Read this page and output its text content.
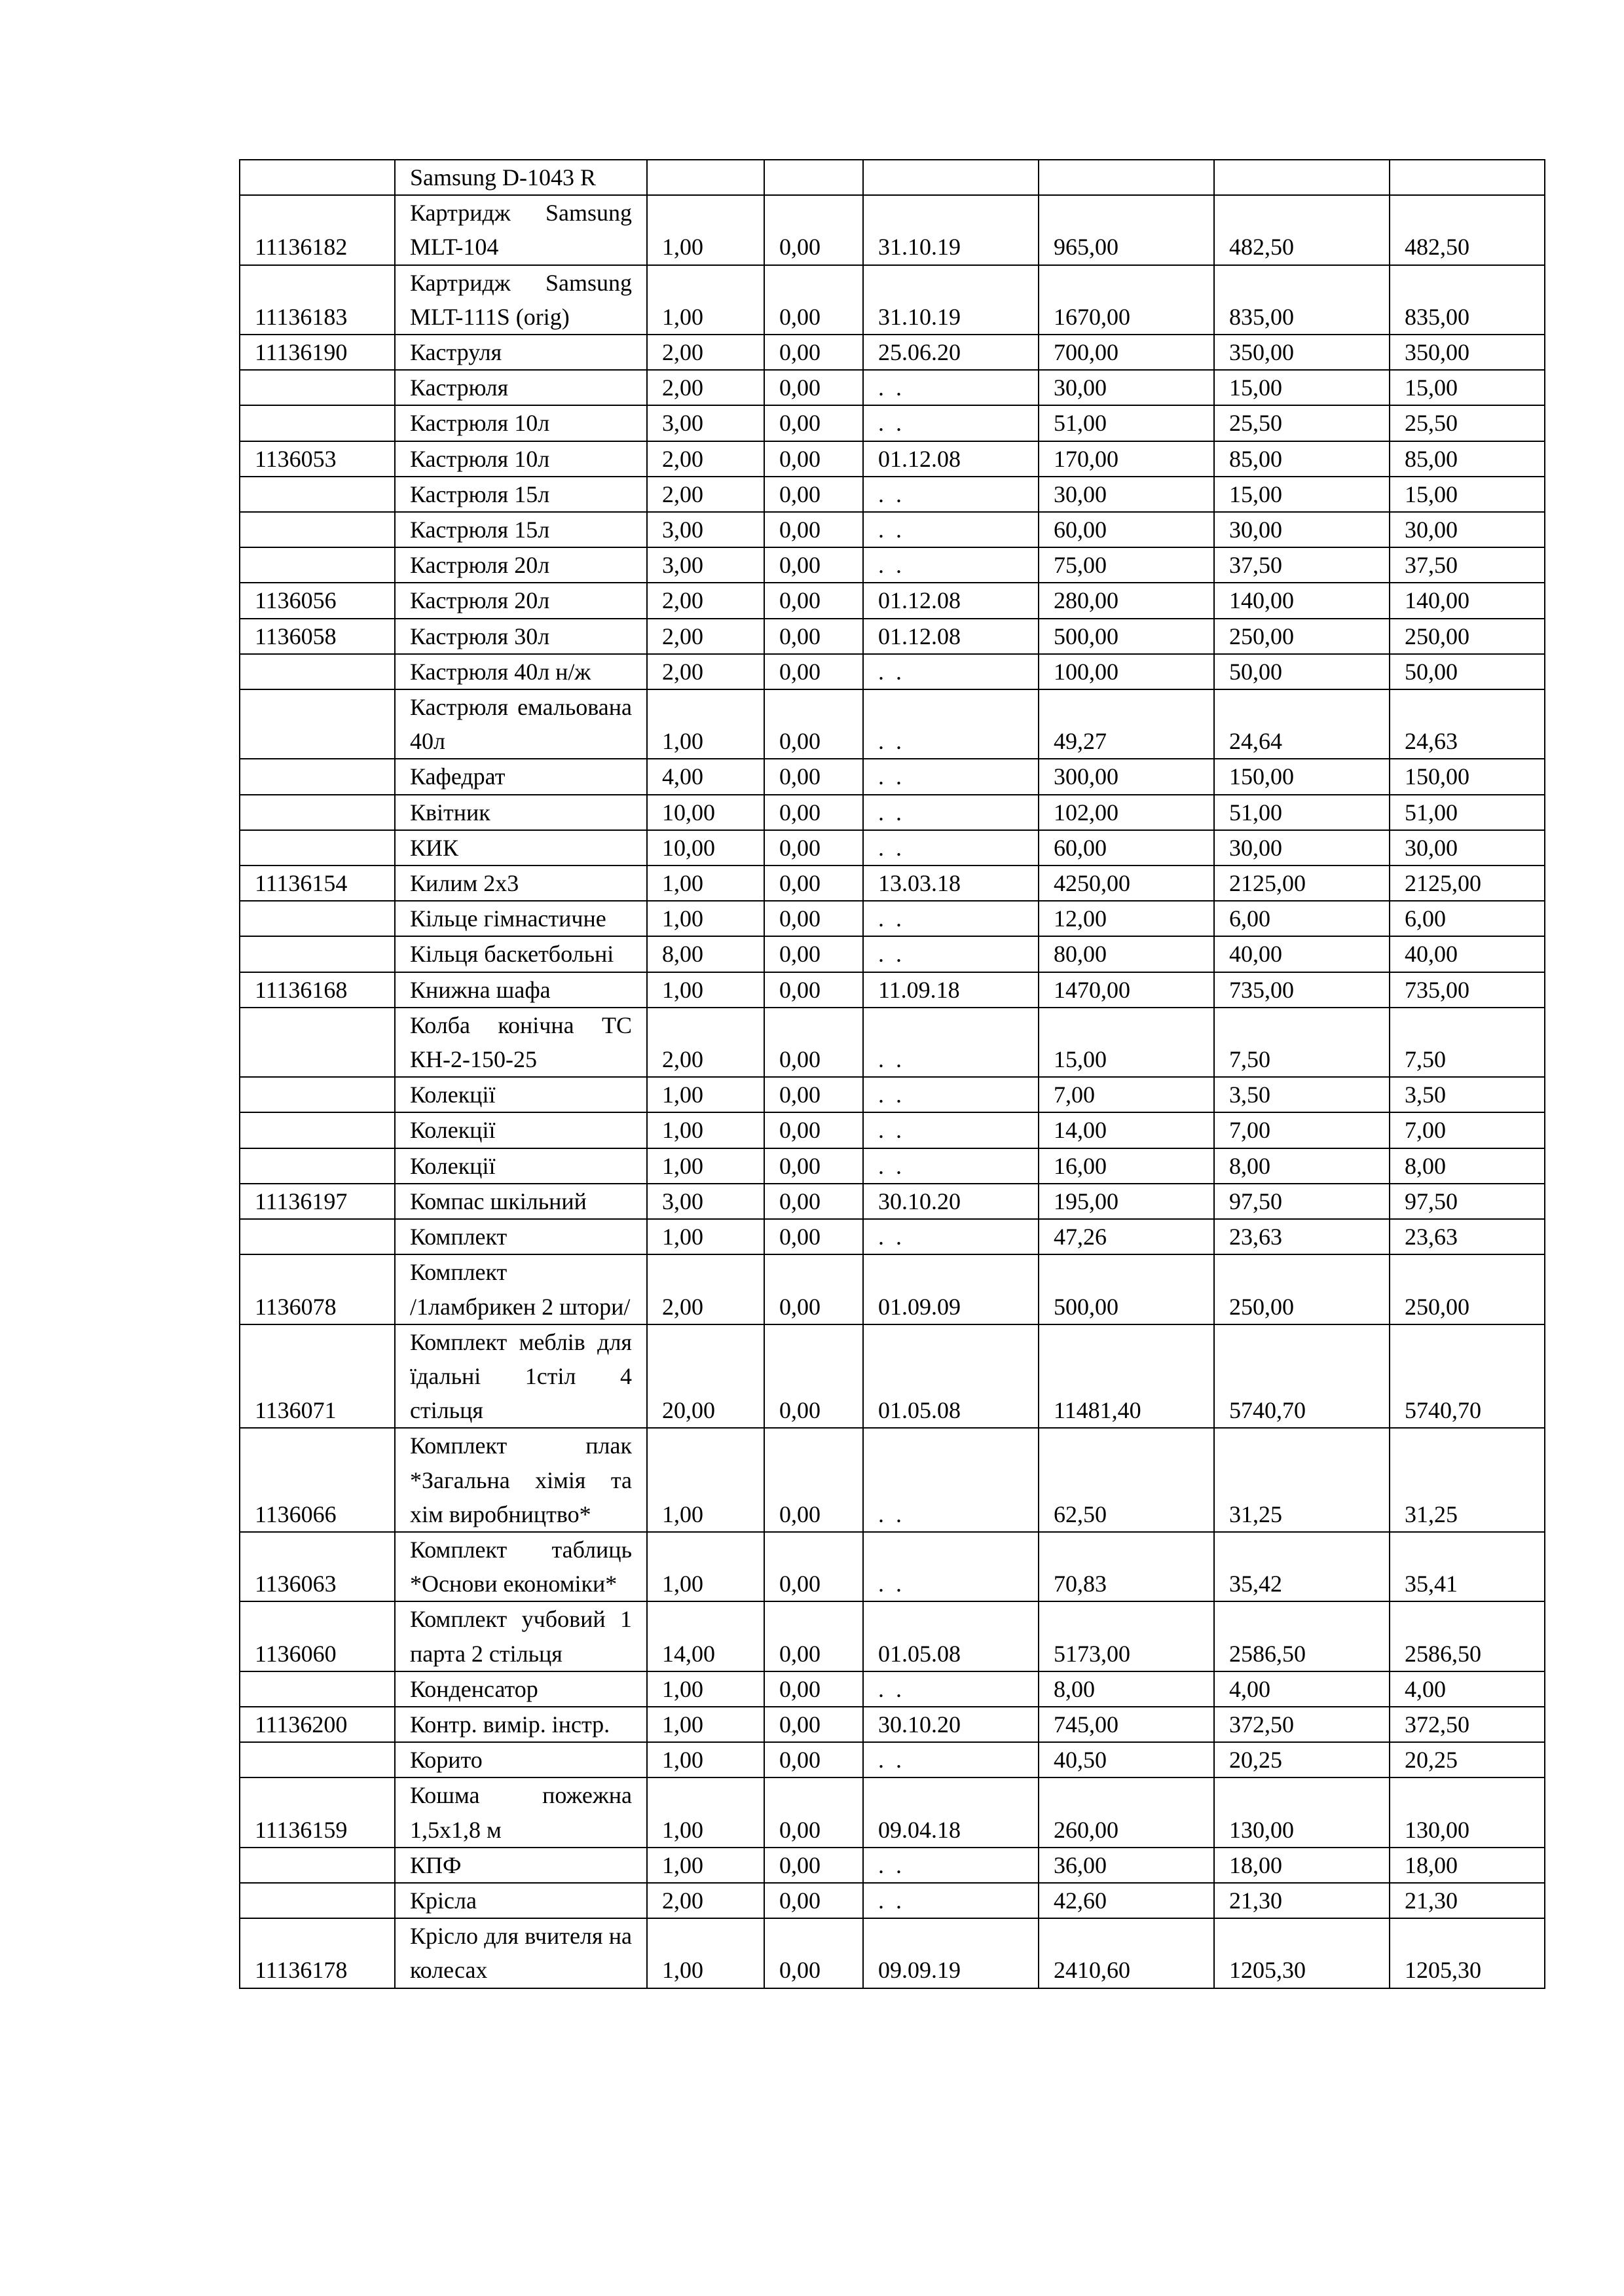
	Samsung D-1043 R						
11136182	Картридж Samsung MLT-104	1,00	0,00	31.10.19	965,00	482,50	482,50
11136183	Картридж Samsung MLT-111S (orig)	1,00	0,00	31.10.19	1670,00	835,00	835,00
11136190	Каструля	2,00	0,00	25.06.20	700,00	350,00	350,00
	Кастрюля	2,00	0,00	.  .	30,00	15,00	15,00
	Кастрюля 10л	3,00	0,00	.  .	51,00	25,50	25,50
1136053	Кастрюля 10л	2,00	0,00	01.12.08	170,00	85,00	85,00
	Кастрюля 15л	2,00	0,00	.  .	30,00	15,00	15,00
	Кастрюля 15л	3,00	0,00	.  .	60,00	30,00	30,00
	Кастрюля 20л	3,00	0,00	.  .	75,00	37,50	37,50
1136056	Кастрюля 20л	2,00	0,00	01.12.08	280,00	140,00	140,00
1136058	Кастрюля 30л	2,00	0,00	01.12.08	500,00	250,00	250,00
	Кастрюля 40л н/ж	2,00	0,00	.  .	100,00	50,00	50,00
	Кастрюля емальована 40л	1,00	0,00	.  .	49,27	24,64	24,63
	Кафедрат	4,00	0,00	.  .	300,00	150,00	150,00
	Квітник	10,00	0,00	.  .	102,00	51,00	51,00
	КИК	10,00	0,00	.  .	60,00	30,00	30,00
11136154	Килим 2х3	1,00	0,00	13.03.18	4250,00	2125,00	2125,00
	Кільце гімнастичне	1,00	0,00	.  .	12,00	6,00	6,00
	Кільця баскетбольні	8,00	0,00	.  .	80,00	40,00	40,00
11136168	Книжна шафа	1,00	0,00	11.09.18	1470,00	735,00	735,00
	Колба конічна ТС КН-2-150-25	2,00	0,00	.  .	15,00	7,50	7,50
	Колекції	1,00	0,00	.  .	7,00	3,50	3,50
	Колекції	1,00	0,00	.  .	14,00	7,00	7,00
	Колекції	1,00	0,00	.  .	16,00	8,00	8,00
11136197	Компас шкільний	3,00	0,00	30.10.20	195,00	97,50	97,50
	Комплект	1,00	0,00	.  .	47,26	23,63	23,63
1136078	Комплект /1ламбрикен 2 штори/	2,00	0,00	01.09.09	500,00	250,00	250,00
1136071	Комплект меблів для їдальні 1стіл 4 стільця	20,00	0,00	01.05.08	11481,40	5740,70	5740,70
1136066	Комплект плак *Загальна хімія та хім виробництво*	1,00	0,00	.  .	62,50	31,25	31,25
1136063	Комплект таблиць *Основи економіки*	1,00	0,00	.  .	70,83	35,42	35,41
1136060	Комплект учбовий 1 парта 2 стільця	14,00	0,00	01.05.08	5173,00	2586,50	2586,50
	Конденсатор	1,00	0,00	.  .	8,00	4,00	4,00
11136200	Контр. вимір. інстр.	1,00	0,00	30.10.20	745,00	372,50	372,50
	Корито	1,00	0,00	.  .	40,50	20,25	20,25
11136159	Кошма пожежна 1,5х1,8 м	1,00	0,00	09.04.18	260,00	130,00	130,00
	КПФ	1,00	0,00	.  .	36,00	18,00	18,00
	Крісла	2,00	0,00	.  .	42,60	21,30	21,30
11136178	Крісло для вчителя на колесах	1,00	0,00	09.09.19	2410,60	1205,30	1205,30
